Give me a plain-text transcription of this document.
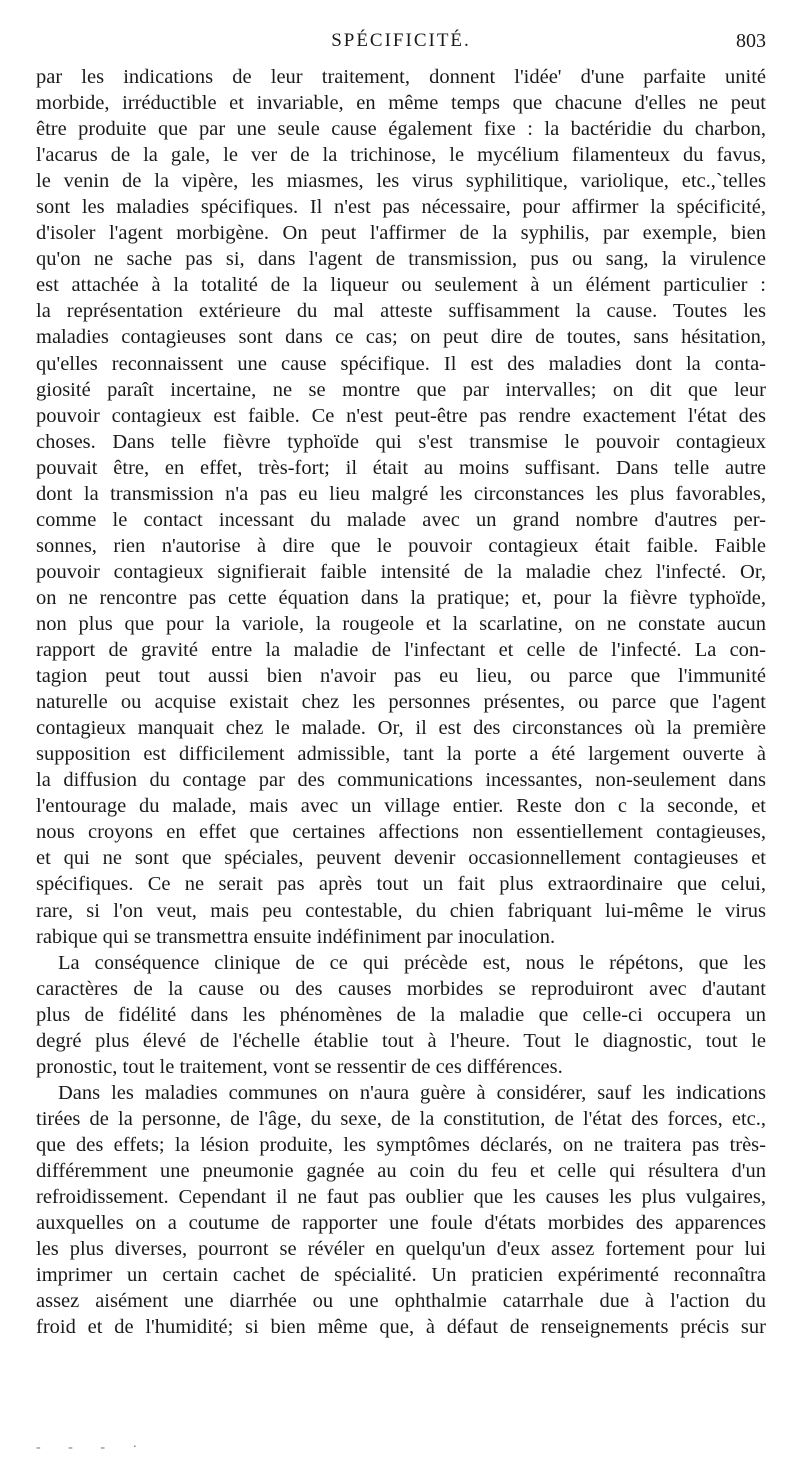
SPÉCIFICITÉ.	803
par les indications de leur traitement, donnent l'idée' d'une parfaite unité
morbide, irréductible et invariable, en même temps que chacune d'elles ne peut
être produite que par une seule cause également fixe : la bactéridie du charbon,
l'acarus de la gale, le ver de la trichinose, le mycélium filamenteux du favus,
le venin de la vipère, les miasmes, les virus syphilitique, variolique, etc.,`telles
sont les maladies spécifiques. Il n'est pas nécessaire, pour affirmer la spécificité,
d'isoler l'agent morbigène. On peut l'affirmer de la syphilis, par exemple, bien
qu'on ne sache pas si, dans l'agent de transmission, pus ou sang, la virulence
est attachée à la totalité de la liqueur ou seulement à un élément particulier :
la représentation extérieure du mal atteste suffisamment la cause. Toutes les
maladies contagieuses sont dans ce cas; on peut dire de toutes, sans hésitation,
qu'elles reconnaissent une cause spécifique. Il est des maladies dont la conta-
giosité paraît incertaine, ne se montre que par intervalles; on dit que leur
pouvoir contagieux est faible. Ce n'est peut-être pas rendre exactement l'état des
choses. Dans telle fièvre typhoïde qui s'est transmise le pouvoir contagieux
pouvait être, en effet, très-fort; il était au moins suffisant. Dans telle autre
dont la transmission n'a pas eu lieu malgré les circonstances les plus favorables,
comme le contact incessant du malade avec un grand nombre d'autres per-
sonnes, rien n'autorise à dire que le pouvoir contagieux était faible. Faible
pouvoir contagieux signifierait faible intensité de la maladie chez l'infecté. Or,
on ne rencontre pas cette équation dans la pratique; et, pour la fièvre typhoïde,
non plus que pour la variole, la rougeole et la scarlatine, on ne constate aucun
rapport de gravité entre la maladie de l'infectant et celle de l'infecté. La con-
tagion peut tout aussi bien n'avoir pas eu lieu, ou parce que l'immunité
naturelle ou acquise existait chez les personnes présentes, ou parce que l'agent
contagieux manquait chez le malade. Or, il est des circonstances où la première
supposition est difficilement admissible, tant la porte a été largement ouverte à
la diffusion du contage par des communications incessantes, non-seulement dans
l'entourage du malade, mais avec un village entier. Reste don c la seconde, et
nous croyons en effet que certaines affections non essentiellement contagieuses,
et qui ne sont que spéciales, peuvent devenir occasionnellement contagieuses et
spécifiques. Ce ne serait pas après tout un fait plus extraordinaire que celui,
rare, si l'on veut, mais peu contestable, du chien fabriquant lui-même le virus
rabique qui se transmettra ensuite indéfiniment par inoculation.
La conséquence clinique de ce qui précède est, nous le répétons, que les
caractères de la cause ou des causes morbides se reproduiront avec d'autant
plus de fidélité dans les phénomènes de la maladie que celle-ci occupera un
degré plus élevé de l'échelle établie tout à l'heure. Tout le diagnostic, tout le
pronostic, tout le traitement, vont se ressentir de ces différences.
Dans les maladies communes on n'aura guère à considérer, sauf les indications
tirées de la personne, de l'âge, du sexe, de la constitution, de l'état des forces, etc.,
que des effets; la lésion produite, les symptômes déclarés, on ne traitera pas très-
différemment une pneumonie gagnée au coin du feu et celle qui résultera d'un
refroidissement. Cependant il ne faut pas oublier que les causes les plus vulgaires,
auxquelles on a coutume de rapporter une foule d'états morbides des apparences
les plus diverses, pourront se révéler en quelqu'un d'eux assez fortement pour lui
imprimer un certain cachet de spécialité. Un praticien expérimenté reconnaîtra
assez aisément une diarrhée ou une ophthalmie catarrhale due à l'action du
froid et de l'humidité; si bien même que, à défaut de renseignements précis sur
- - - ·
